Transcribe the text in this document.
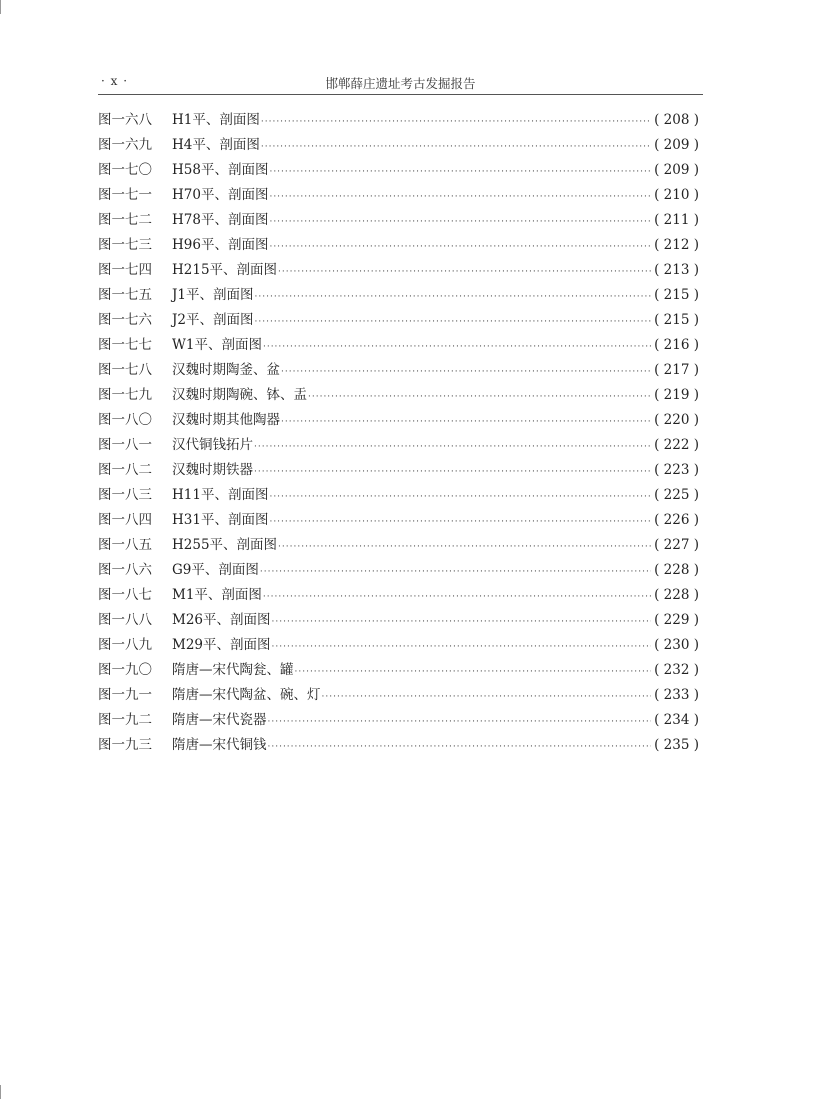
· x ·	邯郸薛庄遗址考古发掘报告
图一六八	H1平、剖面图 ·····	( 208 )
图一六九	H4平、剖面图 ·····	( 209 )
图一七〇	H58平、剖面图 ·····	( 209 )
图一七一	H70平、剖面图 ·····	( 210 )
图一七二	H78平、剖面图 ·····	( 211 )
图一七三	H96平、剖面图 ·····	( 212 )
图一七四	H215平、剖面图 ·····	( 213 )
图一七五	J1平、剖面图 ·····	( 215 )
图一七六	J2平、剖面图 ·····	( 215 )
图一七七	W1平、剖面图 ·····	( 216 )
图一七八	汉魏时期陶釜、盆 ·····	( 217 )
图一七九	汉魏时期陶碗、钵、盂 ·····	( 219 )
图一八〇	汉魏时期其他陶器 ·····	( 220 )
图一八一	汉代铜钱拓片 ·····	( 222 )
图一八二	汉魏时期铁器 ·····	( 223 )
图一八三	H11平、剖面图 ·····	( 225 )
图一八四	H31平、剖面图 ·····	( 226 )
图一八五	H255平、剖面图 ·····	( 227 )
图一八六	G9平、剖面图 ·····	( 228 )
图一八七	M1平、剖面图 ·····	( 228 )
图一八八	M26平、剖面图 ·····	( 229 )
图一八九	M29平、剖面图 ·····	( 230 )
图一九〇	隋唐—宋代陶瓮、罐 ·····	( 232 )
图一九一	隋唐—宋代陶盆、碗、灯 ·····	( 233 )
图一九二	隋唐—宋代瓷器 ·····	( 234 )
图一九三	隋唐—宋代铜钱 ·····	( 235 )
